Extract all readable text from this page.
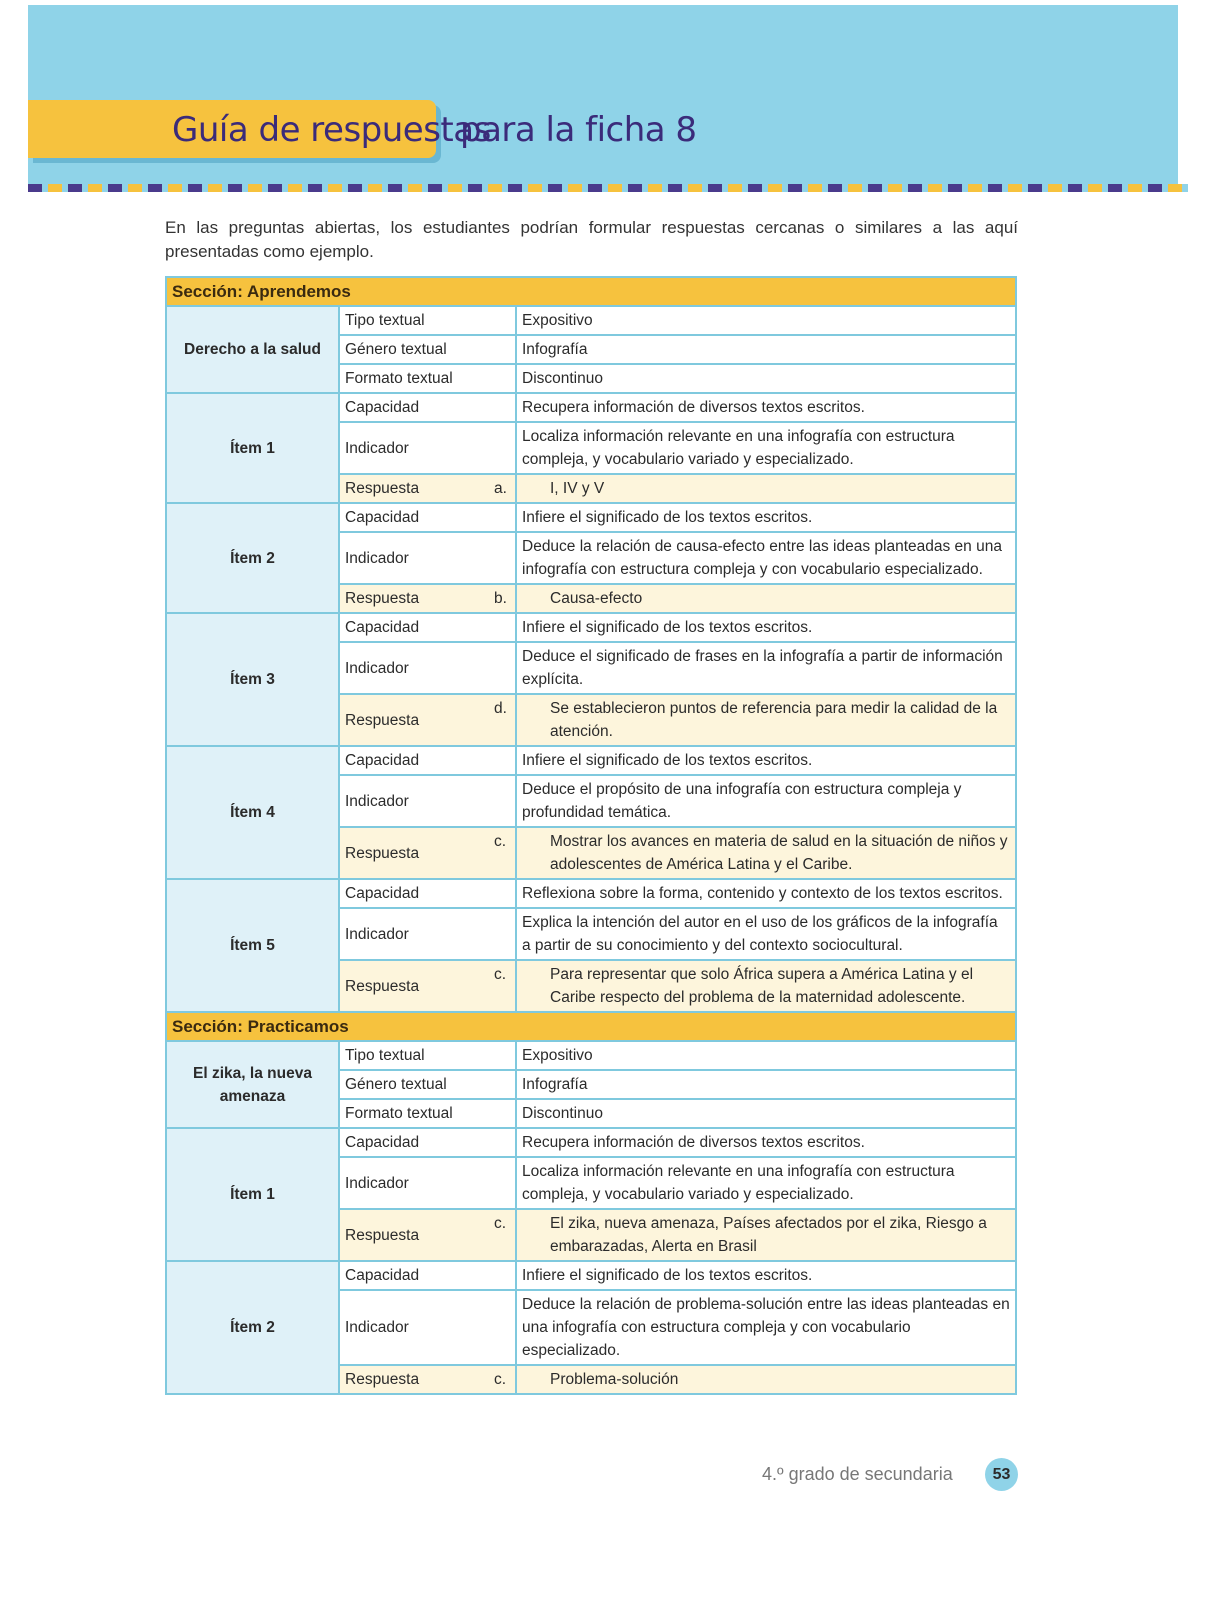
Guía de respuestas
para la ficha 8

En las preguntas abiertas, los estudiantes podrían formular respuestas cercanas o similares a las aquí presentadas como ejemplo.

Sección: Aprendemos		
Derecho a la salud	Tipo textual	Expositivo
	Género textual	Infografía
	Formato textual	Discontinuo
Ítem 1	Capacidad	Recupera información de diversos textos escritos.
	Indicador	Localiza información relevante en una infografía con estructura compleja, y vocabulario variado y especializado.
	Respuesta	a. I, IV y V

Ítem 2	Capacidad	Infiere el significado de los textos escritos.
	Indicador	Deduce la relación de causa-efecto entre las ideas planteadas en una infografía con estructura compleja y con vocabulario especializado.
	Respuesta	b. Causa-efecto

Ítem 3	Capacidad	Infiere el significado de los textos escritos.
	Indicador	Deduce el significado de frases en la infografía a partir de información explícita.
	Respuesta	d. Se establecieron puntos de referencia para medir la calidad de la atención.

Ítem 4	Capacidad	Infiere el significado de los textos escritos.
	Indicador	Deduce el propósito de una infografía con estructura compleja y profundidad temática.
	Respuesta	c. Mostrar los avances en materia de salud en la situación de niños y adolescentes de América Latina y el Caribe.

Ítem 5	Capacidad	Reflexiona sobre la forma, contenido y contexto de los textos escritos.
	Indicador	Explica la intención del autor en el uso de los gráficos de la infografía a partir de su conocimiento y del contexto sociocultural.
	Respuesta	c. Para representar que solo África supera a América Latina y el Caribe respecto del problema de la maternidad adolescente.

Sección: Practicamos		
El zika, la nueva amenaza	Tipo textual	Expositivo
	Género textual	Infografía
	Formato textual	Discontinuo
Ítem 1	Capacidad	Recupera información de diversos textos escritos.
	Indicador	Localiza información relevante en una infografía con estructura compleja, y vocabulario variado y especializado.
	Respuesta	c. El zika, nueva amenaza, Países afectados por el zika, Riesgo a embarazadas, Alerta en Brasil

Ítem 2	Capacidad	Infiere el significado de los textos escritos.
	Indicador	Deduce la relación de problema-solución entre las ideas planteadas en una infografía con estructura compleja y con vocabulario especializado.
	Respuesta	c. Problema-solución
4.º grado de secundaria	53
